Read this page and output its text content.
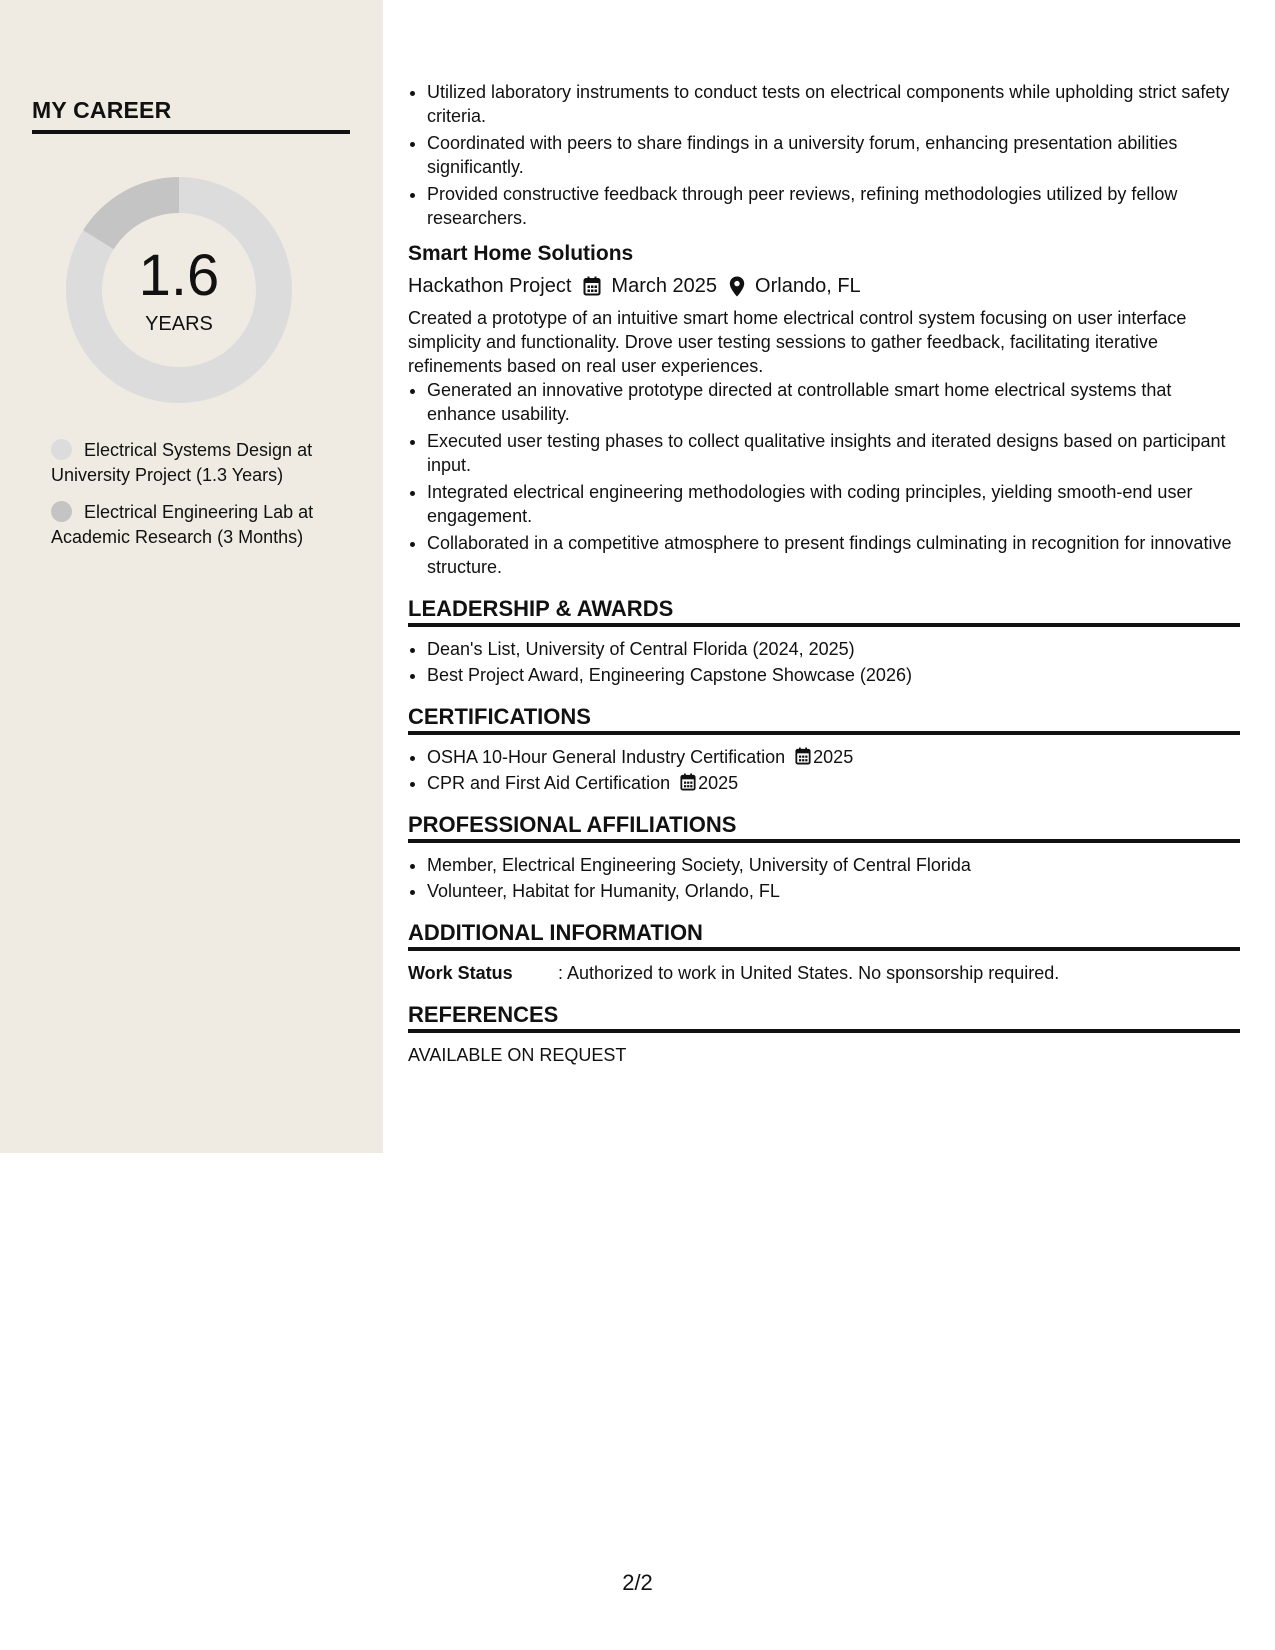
MY CAREER
1.6
YEARS
Electrical Systems Design at University Project (1.3 Years)
Electrical Engineering Lab at Academic Research (3 Months)
• Utilized laboratory instruments to conduct tests on electrical components while upholding strict safety criteria.
• Coordinated with peers to share findings in a university forum, enhancing presentation abilities significantly.
• Provided constructive feedback through peer reviews, refining methodologies utilized by fellow researchers.
Smart Home Solutions
Hackathon Project March 2025 Orlando, FL
Created a prototype of an intuitive smart home electrical control system focusing on user interface simplicity and functionality. Drove user testing sessions to gather feedback, facilitating iterative refinements based on real user experiences.
• Generated an innovative prototype directed at controllable smart home electrical systems that enhance usability.
• Executed user testing phases to collect qualitative insights and iterated designs based on participant input.
• Integrated electrical engineering methodologies with coding principles, yielding smooth-end user engagement.
• Collaborated in a competitive atmosphere to present findings culminating in recognition for innovative structure.
LEADERSHIP & AWARDS
• Dean's List, University of Central Florida (2024, 2025)
• Best Project Award, Engineering Capstone Showcase (2026)
CERTIFICATIONS
• OSHA 10-Hour General Industry Certification 2025
• CPR and First Aid Certification 2025
PROFESSIONAL AFFILIATIONS
• Member, Electrical Engineering Society, University of Central Florida
• Volunteer, Habitat for Humanity, Orlando, FL
ADDITIONAL INFORMATION
Work Status	: Authorized to work in United States. No sponsorship required.
REFERENCES
AVAILABLE ON REQUEST
2/2
